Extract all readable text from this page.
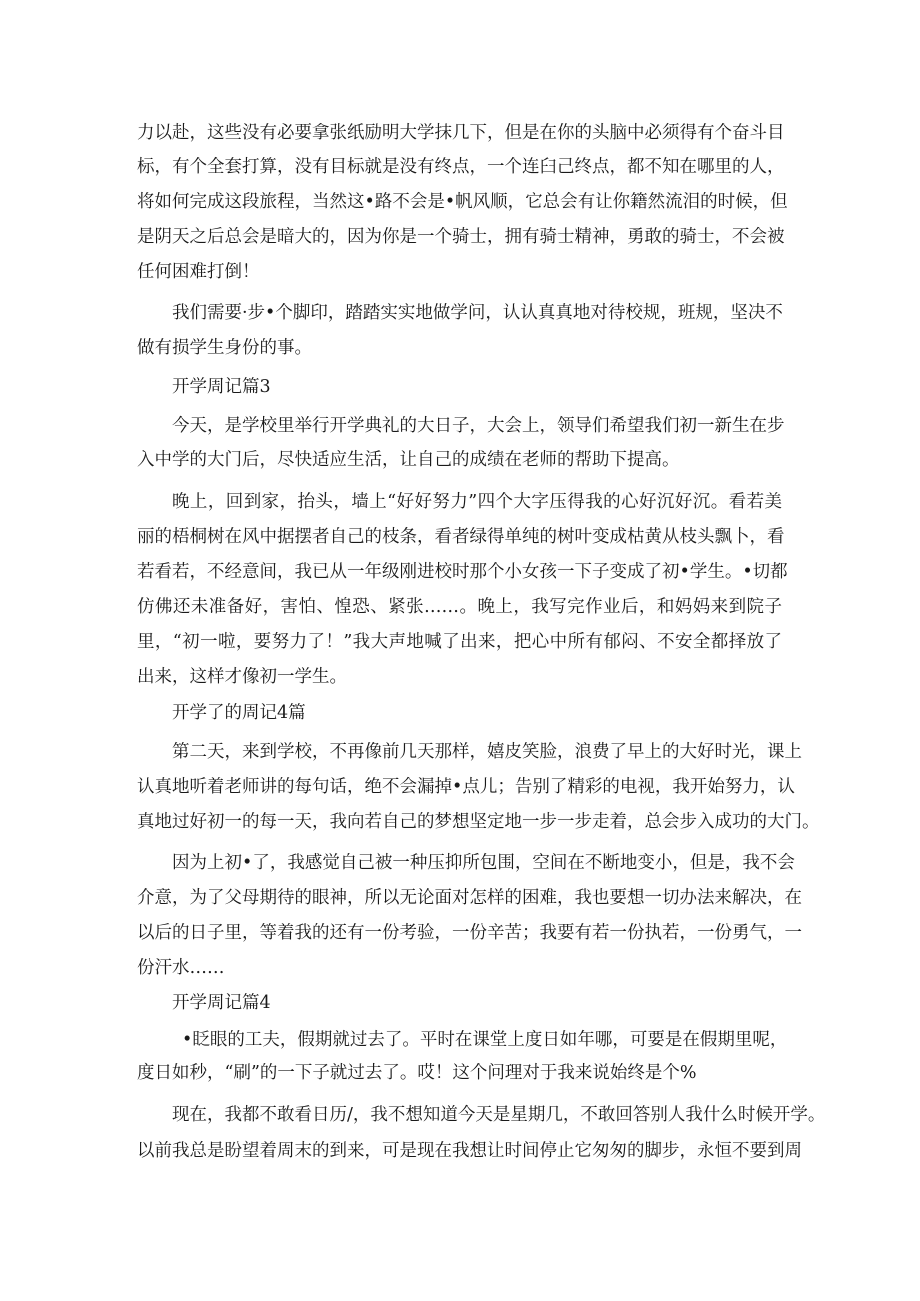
力以赴，这些没有必要拿张纸励明大学抹几下，但是在你的头脑中必须得有个奋斗目
标，有个全套打算，没有目标就是没有终点，一个连臼己终点，都不知在哪里的人，
将如何完成这段旅程，当然这•路不会是•帆风顺，它总会有让你籍然流泪的时候，但
是阴天之后总会是暗大的，因为你是一个骑士，拥有骑士精神，勇敢的骑士，不会被
任何困难打倒！
我们需要·步•个脚印，踏踏实实地做学问，认认真真地对待校规，班规，坚决不
做有损学生身份的事。
开学周记篇3
今天，是学校里举行开学典礼的大日子，大会上，领导们希望我们初一新生在步
入中学的大门后，尽快适应生活，让自己的成绩在老师的帮助下提高。
晚上，回到家，抬头，墙上“好好努力”四个大字压得我的心好沉好沉。看若美
丽的梧桐树在风中据摆者自己的枝条，看者绿得单纯的树叶变成枯黄从枝头飘卜，看
若看若，不经意间，我已从一年级刚进校时那个小女孩一下子变成了初•学生。•切都
仿佛还未准备好，害怕、惶恐、紧张……。晚上，我写完作业后，和妈妈来到院子
里，“初一啦，要努力了！”我大声地喊了出来，把心中所有郁闷、不安全都择放了
出来，这样才像初一学生。
开学了的周记4篇
第二天，来到学校，不再像前几天那样，嬉皮笑脸，浪费了早上的大好时光，课上
认真地听着老师讲的每句话，绝不会漏掉•点儿；告别了精彩的电视，我开始努力，认
真地过好初一的每一天，我向若自己的梦想坚定地一步一步走着，总会步入成功的大门。
因为上初•了，我感觉自己被一种压抑所包围，空间在不断地变小，但是，我不会
介意，为了父母期待的眼神，所以无论面对怎样的困难，我也要想一切办法来解决，在
以后的日子里，等着我的还有一份考验，一份辛苦；我要有若一份执若，一份勇气，一
份汗水……
开学周记篇4
•眨眼的工夫，假期就过去了。平时在课堂上度日如年哪，可要是在假期里呢，
度日如秒，“刷”的一下子就过去了。哎！这个问理对于我来说始终是个%
现在，我都不敢看日历/，我不想知道今天是星期几，不敢回答别人我什么时候开学。
以前我总是盼望着周末的到来，可是现在我想让时间停止它匆匆的脚步，永恒不要到周
